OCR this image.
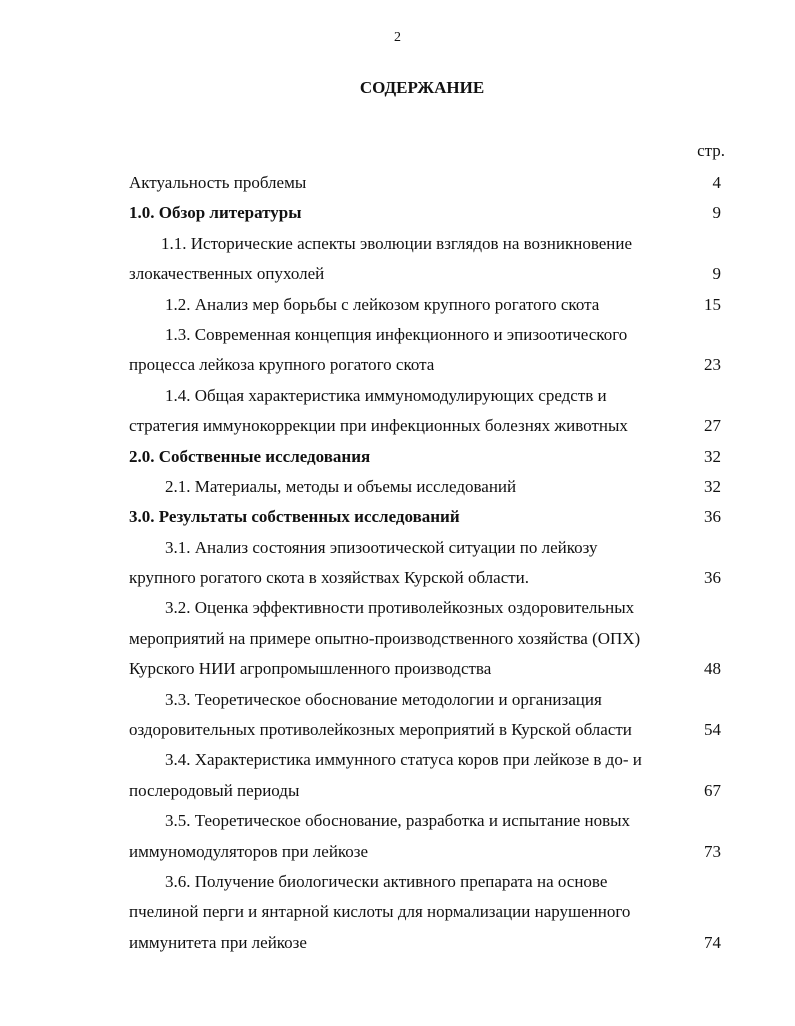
2
СОДЕРЖАНИЕ
стр.
Актуальность проблемы	4
1.0. Обзор литературы	9
1.1. Исторические аспекты эволюции взглядов на возникновение
злокачественных опухолей	9
1.2. Анализ мер борьбы с лейкозом крупного рогатого скота	15
1.3. Современная концепция инфекционного и эпизоотического
процесса лейкоза крупного рогатого скота	23
1.4. Общая характеристика иммуномодулирующих средств и
стратегия иммунокоррекции при инфекционных болезнях животных	27
2.0. Собственные исследования	32
2.1. Материалы, методы и объемы исследований	32
3.0. Результаты собственных исследований	36
3.1. Анализ состояния эпизоотической ситуации по лейкозу
крупного рогатого скота в хозяйствах Курской области.	36
3.2. Оценка эффективности противолейкозных оздоровительных
мероприятий на примере опытно-производственного хозяйства (ОПХ)
Курского НИИ агропромышленного производства	48
3.3. Теоретическое обоснование методологии и организация
оздоровительных противолейкозных мероприятий в Курской области	54
3.4. Характеристика иммунного статуса коров при лейкозе в до- и
послеродовый периоды	67
3.5. Теоретическое обоснование, разработка и испытание новых
иммуномодуляторов при лейкозе	73
3.6. Получение биологически активного препарата на основе
пчелиной перги и янтарной кислоты для нормализации нарушенного
иммунитета при лейкозе	74
